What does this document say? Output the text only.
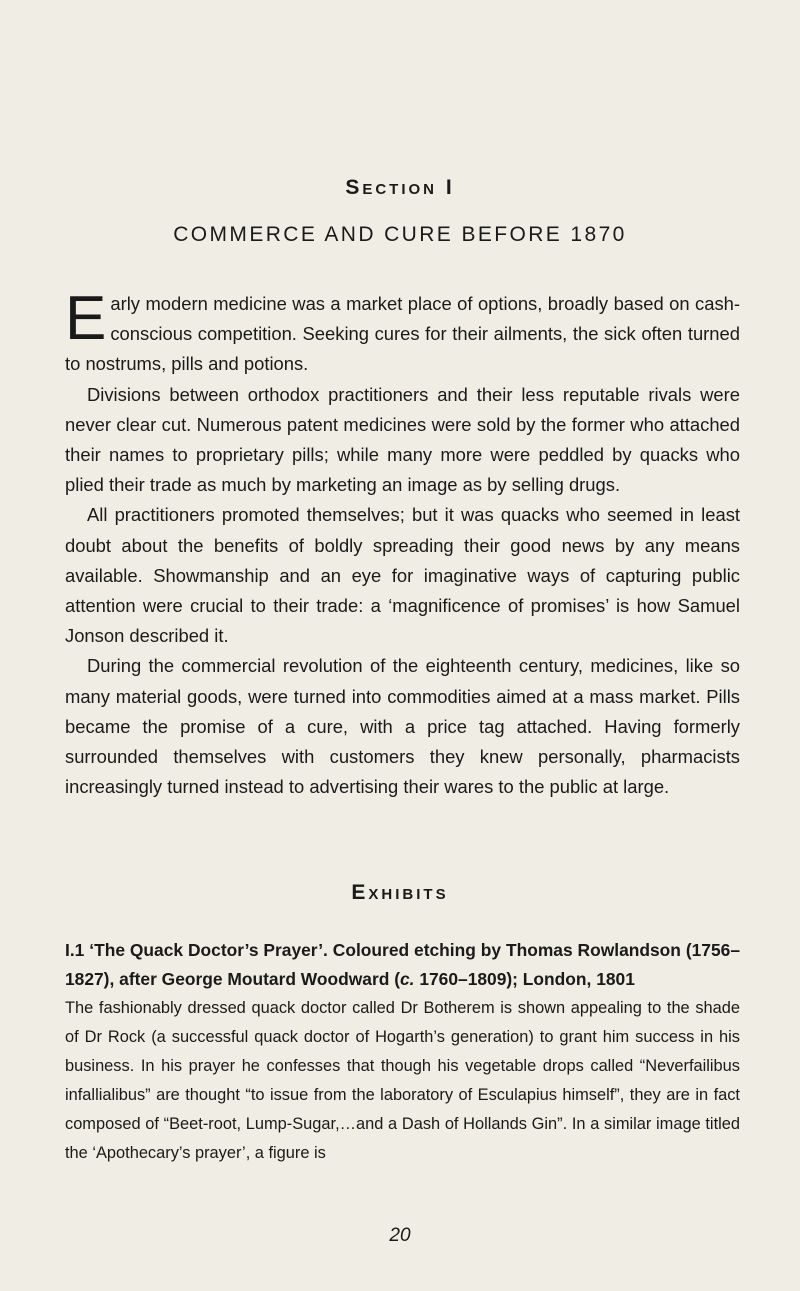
Section I
COMMERCE AND CURE BEFORE 1870

Early modern medicine was a market place of options, broadly based on cash-conscious competition. Seeking cures for their ailments, the sick often turned to nostrums, pills and potions.

Divisions between orthodox practitioners and their less reputable rivals were never clear cut. Numerous patent medicines were sold by the former who attached their names to proprietary pills; while many more were peddled by quacks who plied their trade as much by marketing an image as by selling drugs.

All practitioners promoted themselves; but it was quacks who seemed in least doubt about the benefits of boldly spreading their good news by any means available. Showmanship and an eye for imaginative ways of capturing public attention were crucial to their trade: a ‘magnificence of promises’ is how Samuel Jonson described it.

During the commercial revolution of the eighteenth century, medicines, like so many material goods, were turned into commodities aimed at a mass market. Pills became the promise of a cure, with a price tag attached. Having formerly surrounded themselves with customers they knew personally, pharmacists increasingly turned instead to advertising their wares to the public at large.

Exhibits

I.1 ‘The Quack Doctor’s Prayer’. Coloured etching by Thomas Rowlandson (1756–1827), after George Moutard Woodward (c. 1760–1809); London, 1801

The fashionably dressed quack doctor called Dr Botherem is shown appealing to the shade of Dr Rock (a successful quack doctor of Hogarth’s generation) to grant him success in his business. In his prayer he confesses that though his vegetable drops called “Neverfailibus infallialibus” are thought “to issue from the laboratory of Esculapius himself”, they are in fact composed of “Beet-root, Lump-Sugar,…and a Dash of Hollands Gin”. In a similar image titled the ‘Apothecary’s prayer’, a figure is

20
